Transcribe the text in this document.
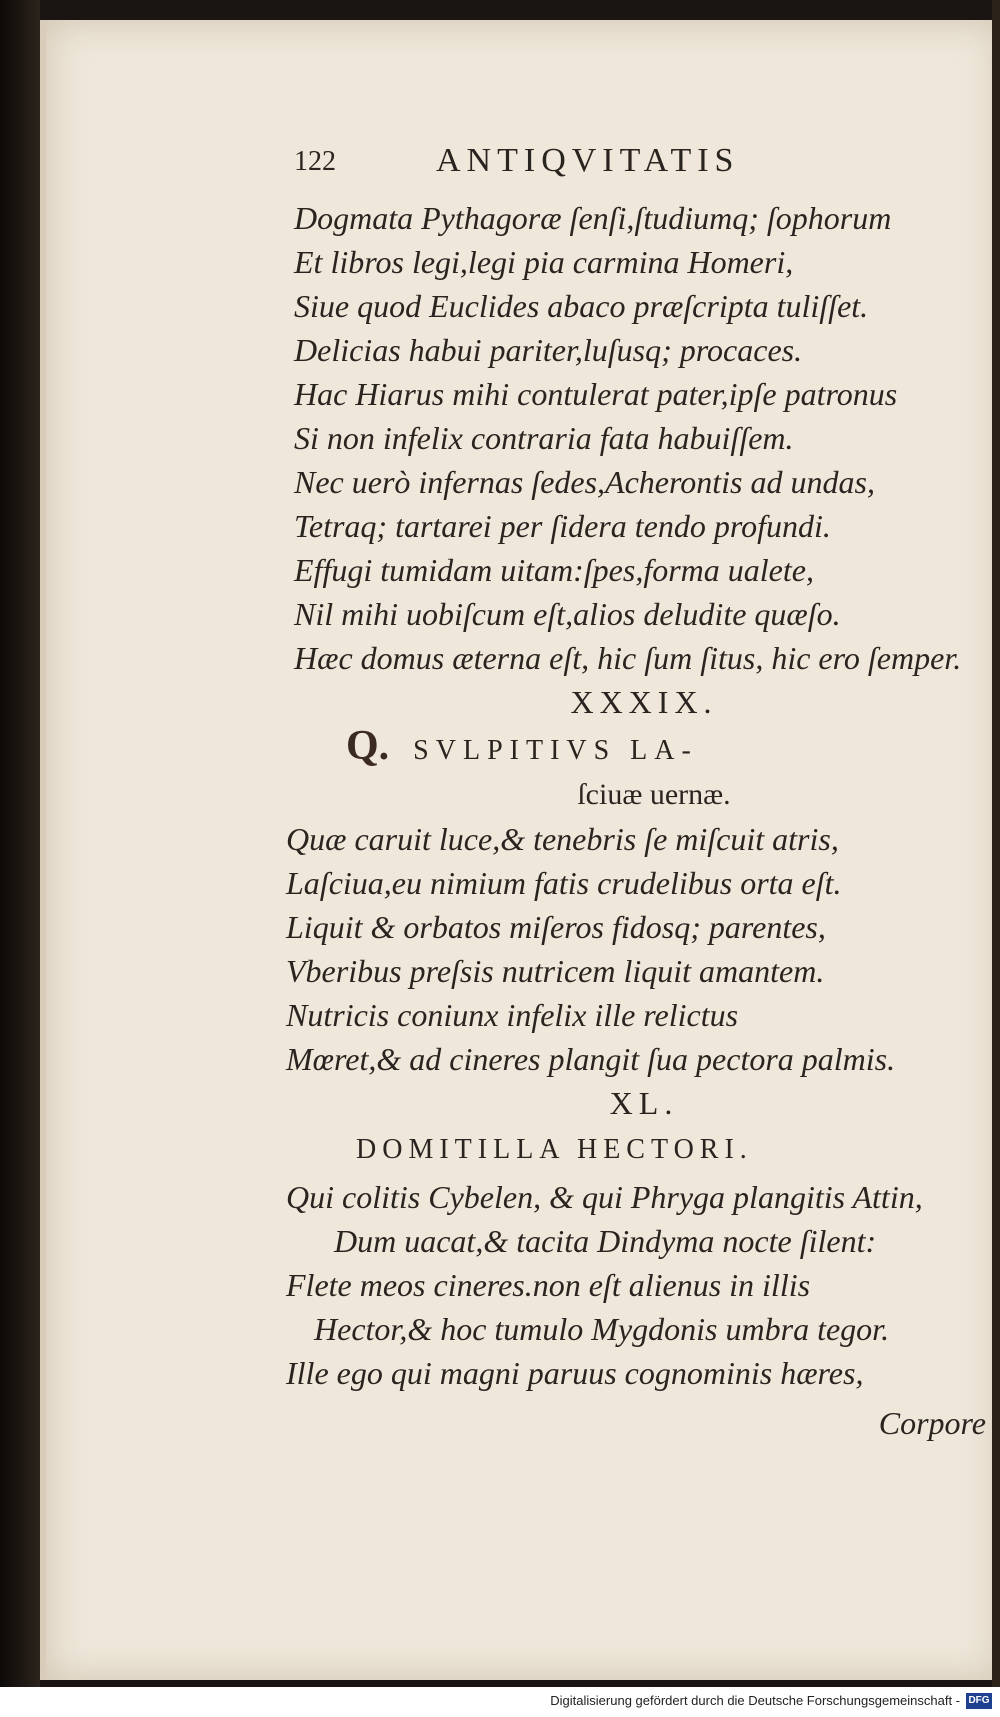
122	ANTIQVITATIS
Dogmata Pythagoræ ſenſi,ſtudiumq; ſophorum
Et libros legi,legi pia carmina Homeri,
Siue quod Euclides abaco præſcripta tuliſſet.
Delicias habui pariter,luſusq; procaces.
Hac Hiarus mihi contulerat pater,ipſe patronus
Si non infelix contraria fata habuiſſem.
Nec uerò infernas ſedes,Acherontis ad undas,
Tetraq; tartarei per ſidera tendo profundi.
Effugi tumidam uitam:ſpes,forma ualete,
Nil mihi uobiſcum eſt,alios deludite quæſo.
Hæc domus æterna eſt, hic ſum ſitus, hic ero ſemper.
XXXIX.
Q. SVLPITIVS LA-
ſciuæ uernæ.
Quæ caruit luce,& tenebris ſe miſcuit atris,
Laſciua,eu nimium fatis crudelibus orta eſt.
Liquit & orbatos miſeros fidosq; parentes,
Vberibus preſsis nutricem liquit amantem.
Nutricis coniunx infelix ille relictus
Mœret,& ad cineres plangit ſua pectora palmis.
XL.
DOMITILLA HECTORI.
Qui colitis Cybelen, & qui Phryga plangitis Attin,
Dum uacat,& tacita Dindyma nocte ſilent:
Flete meos cineres.non eſt alienus in illis
Hector,& hoc tumulo Mygdonis umbra tegor.
Ille ego qui magni paruus cognominis hæres,
Corpore
Digitalisierung gefördert durch die Deutsche Forschungsgemeinschaft - DFG
